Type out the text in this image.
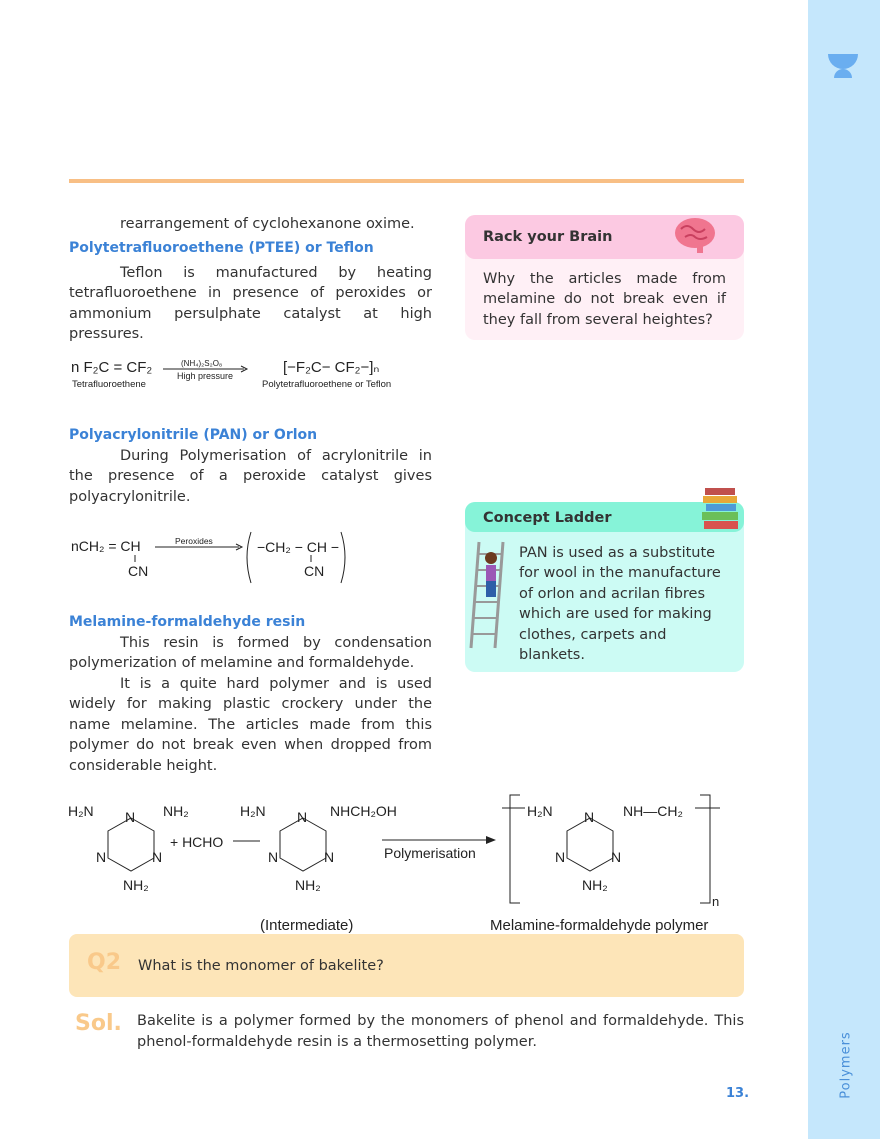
Polymers
rearrangement of cyclohexanone oxime.
Polytetrafluoroethene (PTEE) or Teflon
Teflon is manufactured by heating tetrafluoroethene in presence of peroxides or ammonium persulphate catalyst at high pressures.
n F₂C = CF₂
Tetrafluoroethene
(NH₄)₂S₂O₈
High pressure	[−F₂C− CF₂−]ₙ
Polytetrafluoroethene or Teflon
Polyacrylonitrile (PAN) or Orlon
During Polymerisation of acrylonitrile in the presence of a peroxide catalyst gives polyacrylonitrile.
nCH₂ = CH
CN
Peroxides	−CH₂ − CH −
CN
Melamine-formaldehyde resin
This resin is formed by condensation polymerization of melamine and formaldehyde.
It is a quite hard polymer and is used widely for making plastic crockery under the name melamine. The articles made from this polymer do not break even when dropped from considerable height.
Rack your Brain
Why the articles made from melamine do not break even if they fall from several heightes?
Concept Ladder
PAN is used as a substitute for wool in the manufacture of orlon and acrilan fibres which are used for making clothes, carpets and blankets.
H₂N	NH₂
N
N	N
NH₂
+ HCHO
H₂N	NHCH₂OH
N
N	N
NH₂
Polymerisation
n
H₂N	NH—CH₂
N
N	N
NH₂
(Intermediate)	Melamine-formaldehyde polymer
Q2 What is the monomer of bakelite?
Sol. Bakelite is a polymer formed by the monomers of phenol and formaldehyde. This phenol-formaldehyde resin is a thermosetting polymer.
13.
